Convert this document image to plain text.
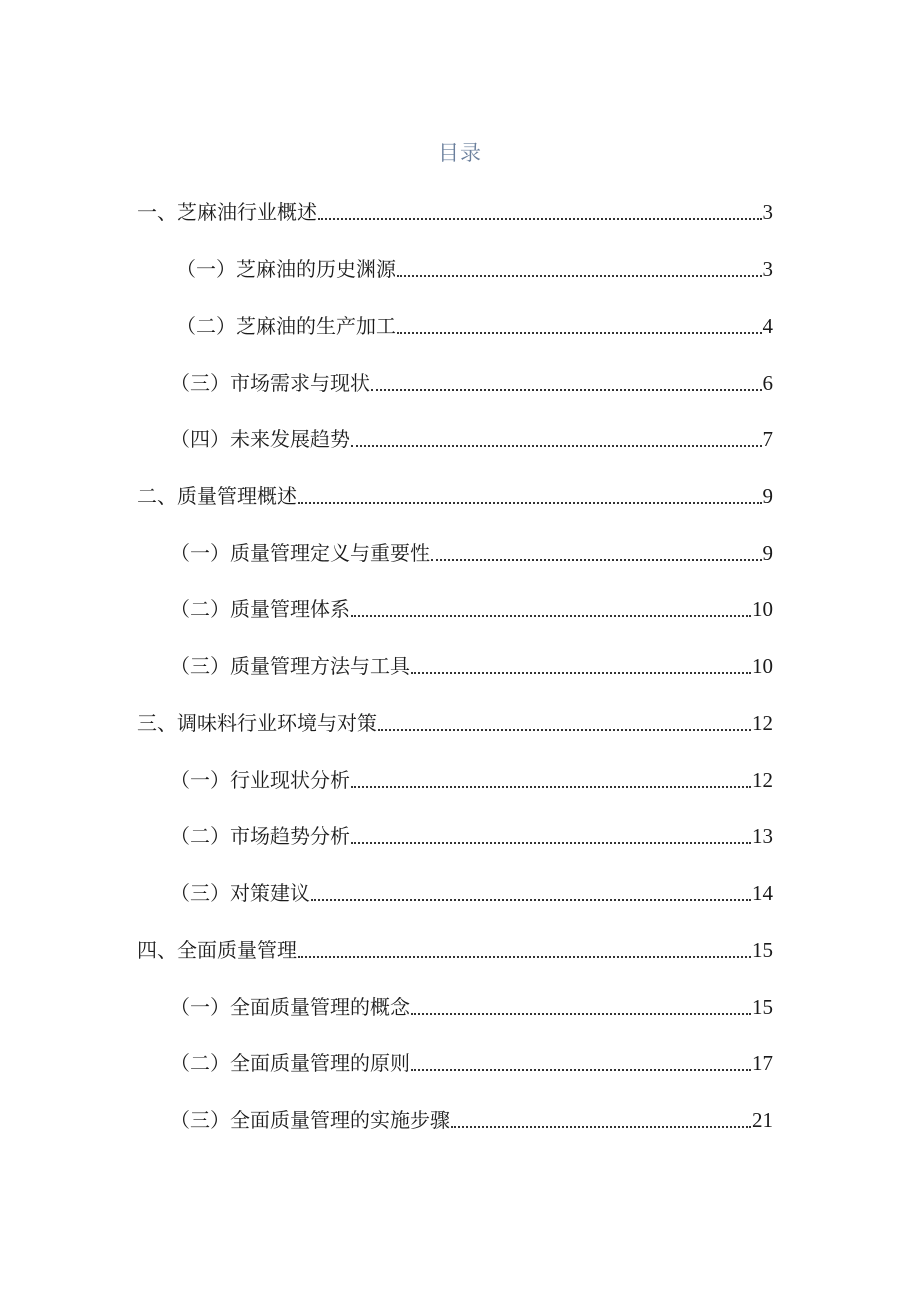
目录
一、芝麻油行业概述	3
（一）芝麻油的历史渊源	3
（二）芝麻油的生产加工	4
（三）市场需求与现状	6
（四）未来发展趋势	7
二、质量管理概述	9
（一）质量管理定义与重要性	9
（二）质量管理体系	10
（三）质量管理方法与工具	10
三、调味料行业环境与对策	12
（一）行业现状分析	12
（二）市场趋势分析	13
（三）对策建议	14
四、全面质量管理	15
（一）全面质量管理的概念	15
（二）全面质量管理的原则	17
（三）全面质量管理的实施步骤	21
